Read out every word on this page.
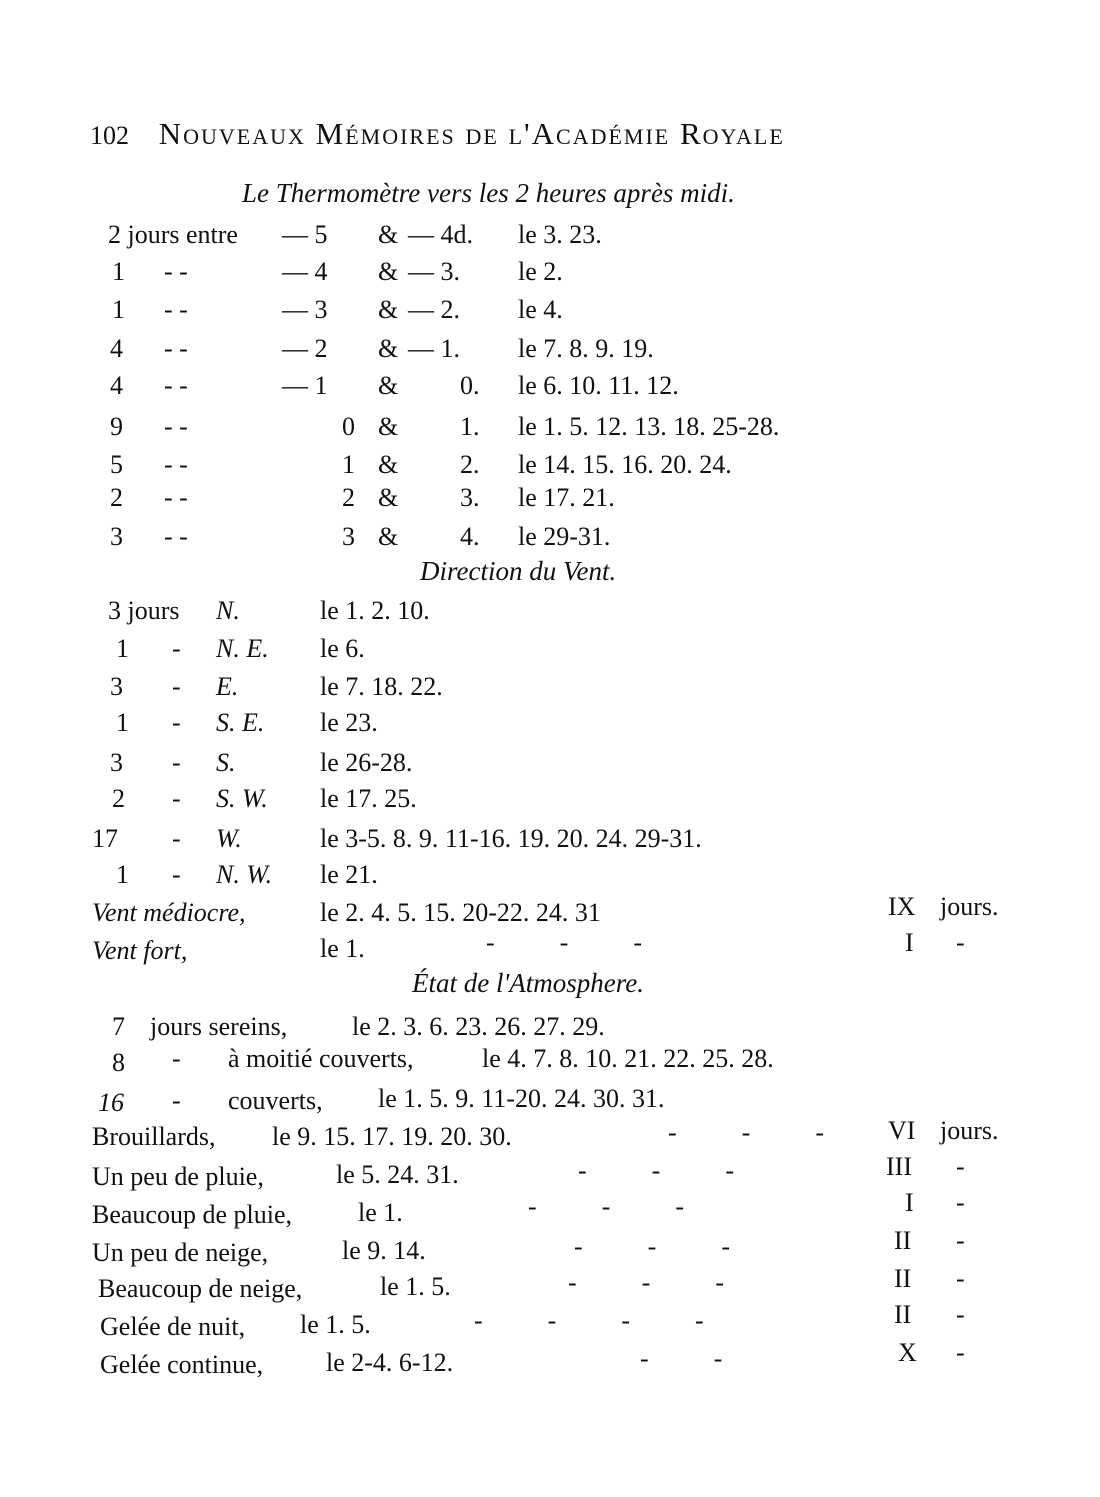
102 Nouveaux Mémoires de l'Académie Royale
Le Thermomètre vers les 2 heures après midi.
2 jours entre — 5 & — 4d. le 3. 23.
1 - -	— 4 & — 3. le 2.
1 - -	— 3 & — 2. le 4.
4 - -	— 2 & — 1. le 7. 8. 9. 19.
4 - -	— 1 & 0. le 6. 10. 11. 12.
9 - -	0 & 1. le 1. 5. 12. 13. 18. 25-28.
5 - -	1 & 2. le 14. 15. 16. 20. 24.
2 - -	2 & 3. le 17. 21.
3 - -	3 & 4. le 29-31.
Direction du Vent.
3 jours N.	le 1. 2. 10.
1 - N. E. le 6.
3 - E.	le 7. 18. 22.
1 - S. E. le 23.
3 - S.	le 26-28.
2 - S. W. le 17. 25.
17 - W.	le 3-5. 8. 9. 11-16. 19. 20. 24. 29-31.
1 - N. W. le 21.
Vent médiocre,	le 2. 4. 5. 15. 20-22. 24. 31	IX jours.
Vent fort,	le 1.	-          -          -	I -
État de l'Atmosphere.
7 jours sereins, le 2. 3. 6. 23. 26. 27. 29.
8 - à moitié couverts,	le 4. 7. 8. 10. 21. 22. 25. 28.
16 - couverts, le 1. 5. 9. 11-20. 24. 30. 31.
Brouillards, le 9. 15. 17. 19. 20. 30.	-          -          - VI jours.
Un peu de pluie,	le 5. 24. 31.	-          -          -	III -
Beaucoup de pluie,	le 1.	-          -          -	I -
Un peu de neige,	le 9. 14.	-          -          -	II -
Beaucoup de neige,	le 1. 5.	-          -          -	II -
Gelée de nuit, le 1. 5.	-          -          -          -	II -
Gelée continue, le 2-4. 6-12.	-          -	X -
